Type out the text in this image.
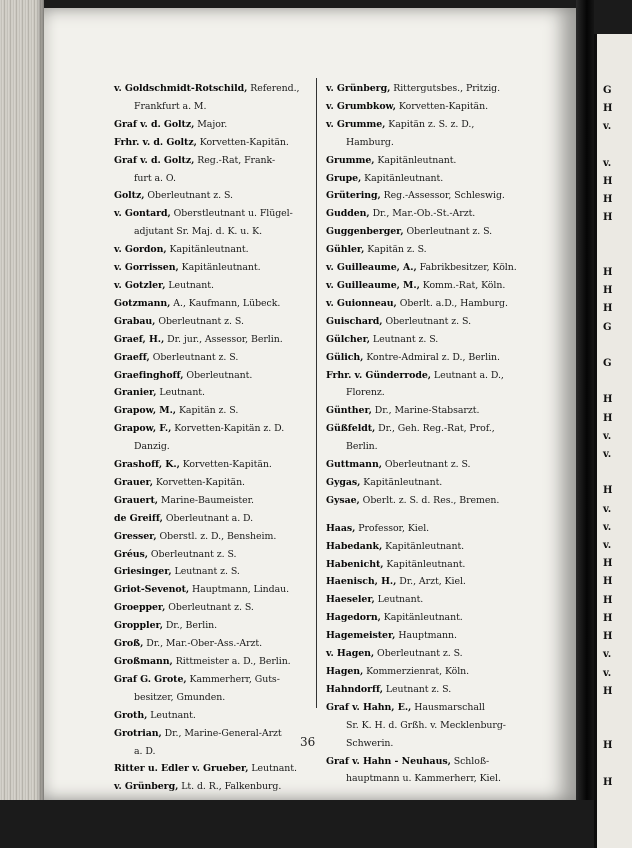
G
H
v.

v.
H
H
H

H
H
H
G

G

H
H
v.
v.

H
v.
v.
v.
H
H
H
H
H
v.
v.
H

H

H
v. Goldschmidt-Rotschild, Referend.,
Frankfurt a. M.
Graf v. d. Goltz, Major.
Frhr. v. d. Goltz, Korvetten-Kapitän.
Graf v. d. Goltz, Reg.-Rat, Frank-
furt a. O.
Goltz, Oberleutnant z. S.
v. Gontard, Oberstleutnant u. Flügel-
adjutant Sr. Maj. d. K. u. K.
v. Gordon, Kapitänleutnant.
v. Gorrissen, Kapitänleutnant.
v. Gotzler, Leutnant.
Gotzmann, A., Kaufmann, Lübeck.
Grabau, Oberleutnant z. S.
Graef, H., Dr. jur., Assessor, Berlin.
Graeff, Oberleutnant z. S.
Graefinghoff, Oberleutnant.
Granier, Leutnant.
Grapow, M., Kapitän z. S.
Grapow, F., Korvetten-Kapitän z. D.
Danzig.
Grashoff, K., Korvetten-Kapitän.
Grauer, Korvetten-Kapitän.
Grauert, Marine-Baumeister.
de Greiff, Oberleutnant a. D.
Gresser, Oberstl. z. D., Bensheim.
Gréus, Oberleutnant z. S.
Griesinger, Leutnant z. S.
Griot-Sevenot, Hauptmann, Lindau.
Groepper, Oberleutnant z. S.
Groppler, Dr., Berlin.
Groß, Dr., Mar.-Ober-Ass.-Arzt.
Großmann, Rittmeister a. D., Berlin.
Graf G. Grote, Kammerherr, Guts-
besitzer, Gmunden.
Groth, Leutnant.
Grotrian, Dr., Marine-General-Arzt
a. D.
Ritter u. Edler v. Grueber, Leutnant.
v. Grünberg, Lt. d. R., Falkenburg.
v. Grünberg, Rittergutsbes., Pritzig.
v. Grumbkow, Korvetten-Kapitän.
v. Grumme, Kapitän z. S. z. D.,
Hamburg.
Grumme, Kapitänleutnant.
Grupe, Kapitänleutnant.
Grütering, Reg.-Assessor, Schleswig.
Gudden, Dr., Mar.-Ob.-St.-Arzt.
Guggenberger, Oberleutnant z. S.
Gühler, Kapitän z. S.
v. Guilleaume, A., Fabrikbesitzer, Köln.
v. Guilleaume, M., Komm.-Rat, Köln.
v. Guionneau, Oberlt. a.D., Hamburg.
Guischard, Oberleutnant z. S.
Gülcher, Leutnant z. S.
Gülich, Kontre-Admiral z. D., Berlin.
Frhr. v. Günderrode, Leutnant a. D.,
Florenz.
Günther, Dr., Marine-Stabsarzt.
Güßfeldt, Dr., Geh. Reg.-Rat, Prof.,
Berlin.
Guttmann, Oberleutnant z. S.
Gygas, Kapitänleutnant.
Gysae, Oberlt. z. S. d. Res., Bremen.
Haas, Professor, Kiel.
Habedank, Kapitänleutnant.
Habenicht, Kapitänleutnant.
Haenisch, H., Dr., Arzt, Kiel.
Haeseler, Leutnant.
Hagedorn, Kapitänleutnant.
Hagemeister, Hauptmann.
v. Hagen, Oberleutnant z. S.
Hagen, Kommerzienrat, Köln.
Hahndorff, Leutnant z. S.
Graf v. Hahn, E., Hausmarschall
Sr. K. H. d. Grßh. v. Mecklenburg-
Schwerin.
Graf v. Hahn - Neuhaus, Schloß-
hauptmann u. Kammerherr, Kiel.
36
